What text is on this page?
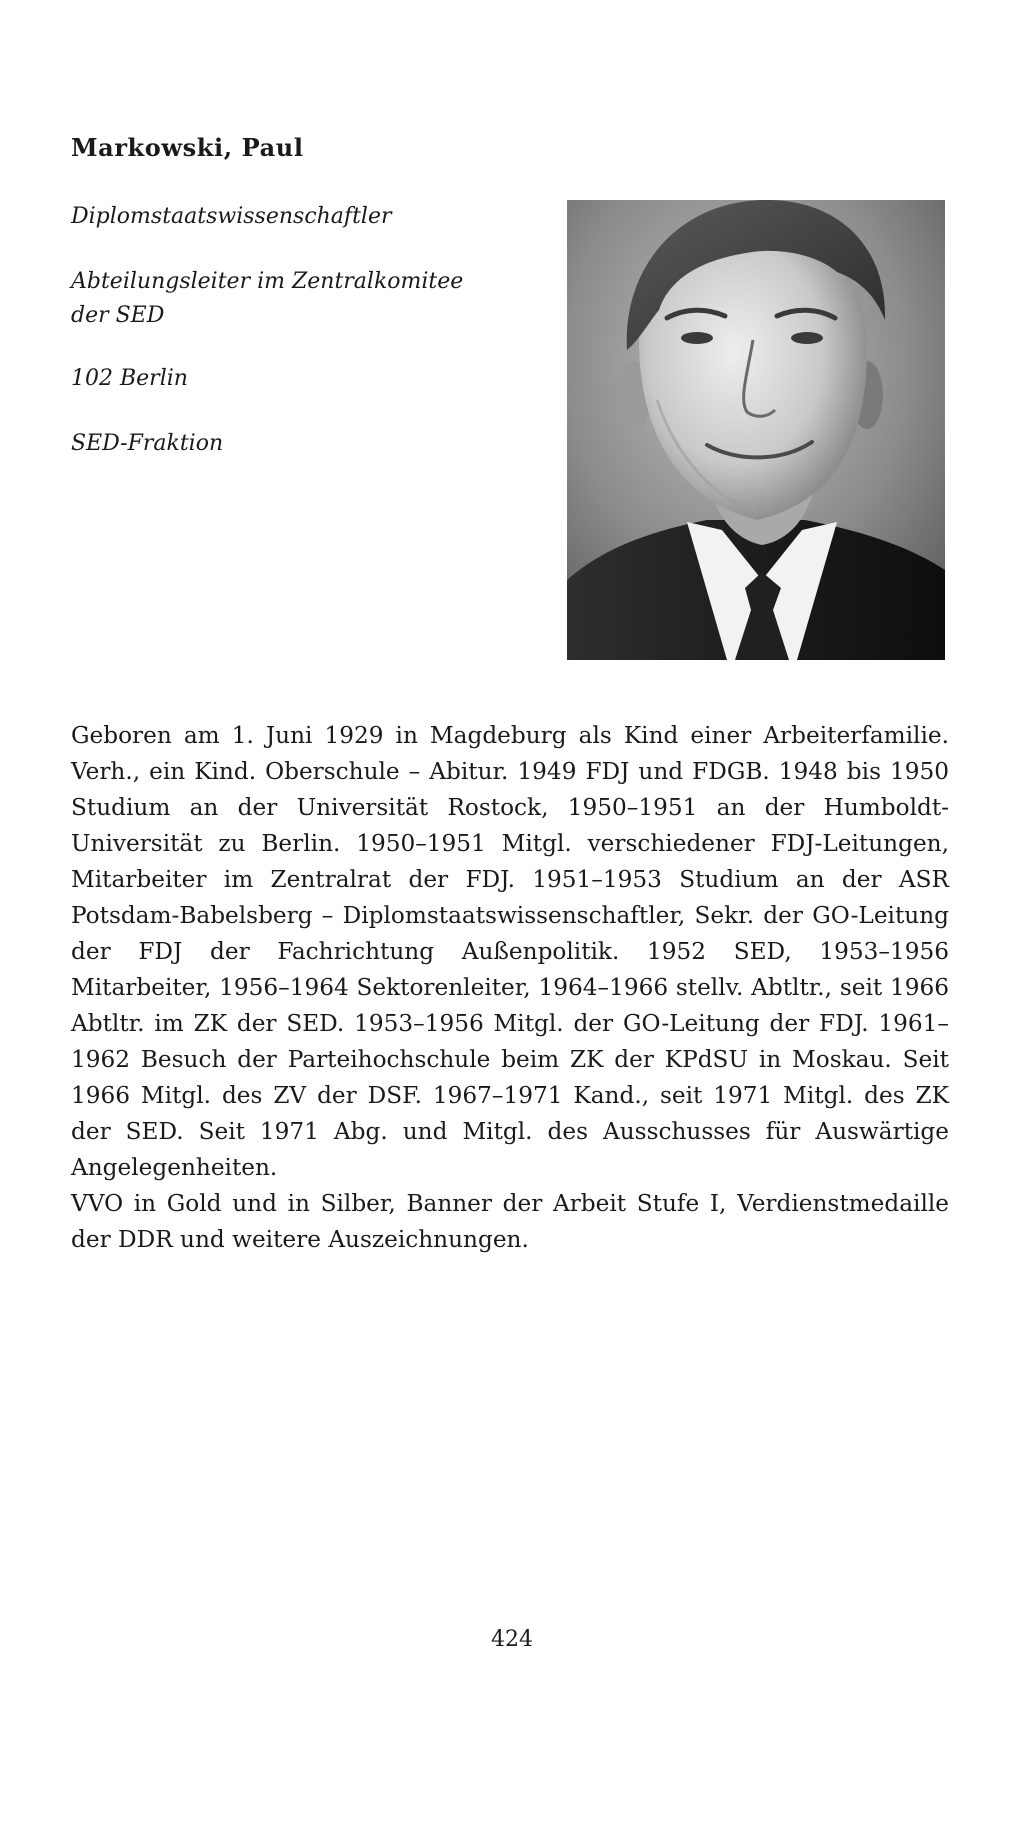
Markowski, Paul

Diplomstaatswissenschaftler

Abteilungsleiter im Zentralkomitee der SED

102 Berlin

SED-Fraktion

Geboren am 1. Juni 1929 in Magdeburg als Kind einer Arbeiterfamilie. Verh., ein Kind. Oberschule – Abitur. 1949 FDJ und FDGB. 1948 bis 1950 Studium an der Universität Rostock, 1950–1951 an der Humboldt-Universität zu Berlin. 1950–1951 Mitgl. verschiedener FDJ-Leitungen, Mitarbeiter im Zentralrat der FDJ. 1951–1953 Studium an der ASR Potsdam-Babelsberg – Diplomstaatswissenschaftler, Sekr. der GO-Leitung der FDJ der Fachrichtung Außenpolitik. 1952 SED, 1953–1956 Mitarbeiter, 1956–1964 Sektorenleiter, 1964–1966 stellv. Abtltr., seit 1966 Abtltr. im ZK der SED. 1953–1956 Mitgl. der GO-Leitung der FDJ. 1961–1962 Besuch der Parteihochschule beim ZK der KPdSU in Moskau. Seit 1966 Mitgl. des ZV der DSF. 1967–1971 Kand., seit 1971 Mitgl. des ZK der SED. Seit 1971 Abg. und Mitgl. des Ausschusses für Auswärtige Angelegenheiten.

VVO in Gold und in Silber, Banner der Arbeit Stufe I, Verdienstmedaille der DDR und weitere Auszeichnungen.

424
